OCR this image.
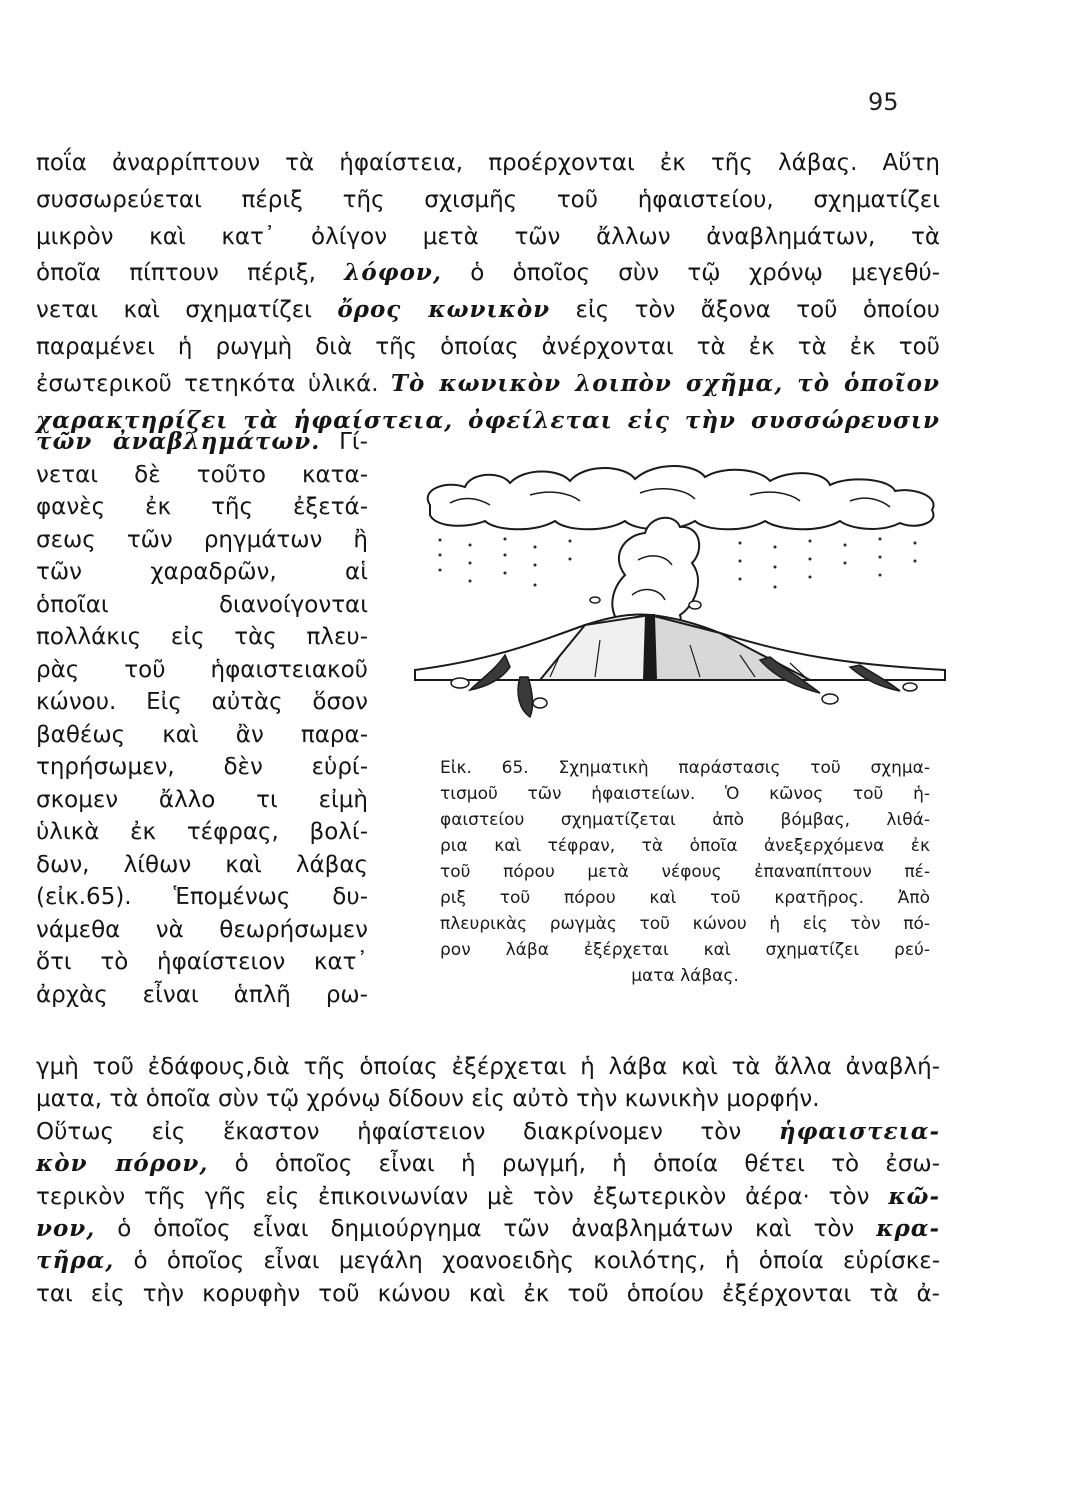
95
ποΐα ἀναρρίπτουν τὰ ἡφαίστεια, προέρχονται ἐκ τῆς λάβας. Αὕτη
συσσωρεύεται πέριξ τῆς σχισμῆς τοῦ ἡφαιστείου, σχηματίζει
μικρὸν καὶ κατ᾿ ὀλίγον μετὰ τῶν ἄλλων ἀναβλημάτων, τὰ
ὁποῖα πίπτουν πέριξ, λόφον, ὁ ὁποῖος σὺν τῷ χρόνῳ μεγεθύ-
νεται καὶ σχηματίζει ὄρος κωνικὸν εἰς τὸν ἄξονα τοῦ ὁποίου
παραμένει ἡ ρωγμὴ διὰ τῆς ὁποίας ἀνέρχονται τὰ ἐκ τὰ ἐκ τοῦ
ἐσωτερικοῦ τετηκότα ὑλικά. Τὸ κωνικὸν λοιπὸν σχῆμα, τὸ ὁποῖον
χαρακτηρίζει τὰ ἡφαίστεια, ὀφείλεται εἰς τὴν συσσώρευσιν
τῶν ἀναβλημάτων. Γί-
νεται δὲ τοῦτο κατα-
φανὲς ἐκ τῆς ἐξετά-
σεως τῶν ρηγμάτων ἢ
τῶν χαραδρῶν, αἱ
ὁποῖαι διανοίγονται
πολλάκις εἰς τὰς πλευ-
ρὰς τοῦ ἡφαιστειακοῦ
κώνου. Εἰς αὐτὰς ὅσον
βαθέως καὶ ἂν παρα-
τηρήσωμεν, δὲν εὑρί-
σκομεν ἄλλο τι εἰμὴ
ὑλικὰ ἐκ τέφρας, βολί-
δων, λίθων καὶ λάβας
(εἰκ.65). Ἑπομένως δυ-
νάμεθα νὰ θεωρήσωμεν
ὅτι τὸ ἡφαίστειον κατ᾿
ἀρχὰς εἶναι ἁπλῆ ρω-
γμὴ τοῦ ἐδάφους,διὰ τῆς ὁποίας ἐξέρχεται ἡ λάβα καὶ τὰ ἄλλα ἀναβλή-
ματα, τὰ ὁποῖα σὺν τῷ χρόνῳ δίδουν εἰς αὐτὸ τὴν κωνικὴν μορφήν.
Οὕτως εἰς ἕκαστον ἡφαίστειον διακρίνομεν τὸν ἡφαιστεια-
κὸν πόρον, ὁ ὁποῖος εἶναι ἡ ρωγμή, ἡ ὁποία θέτει τὸ ἐσω-
τερικὸν τῆς γῆς εἰς ἐπικοινωνίαν μὲ τὸν ἐξωτερικὸν ἀέρα· τὸν κῶ-
νον, ὁ ὁποῖος εἶναι δημιούργημα τῶν ἀναβλημάτων καὶ τὸν κρα-
τῆρα, ὁ ὁποῖος εἶναι μεγάλη χοανοειδὴς κοιλότης, ἡ ὁποία εὑρίσκε-
ται εἰς τὴν κορυφὴν τοῦ κώνου καὶ ἐκ τοῦ ὁποίου ἐξέρχονται τὰ ἀ-
Εἰκ. 65. Σχηματικὴ παράστασις τοῦ σχημα-
τισμοῦ τῶν ἡφαιστείων. Ὁ κῶνος τοῦ ἡ-
φαιστείου σχηματίζεται ἀπὸ βόμβας, λιθά-
ρια καὶ τέφραν, τὰ ὁποῖα ἀνεξερχόμενα ἐκ
τοῦ πόρου μετὰ νέφους ἐπαναπίπτουν πέ-
ριξ τοῦ πόρου καὶ τοῦ κρατῆρος. Ἀπὸ
πλευρικὰς ρωγμὰς τοῦ κώνου ἡ εἰς τὸν πό-
ρον λάβα ἐξέρχεται καὶ σχηματίζει ρεύ-
ματα λάβας.
